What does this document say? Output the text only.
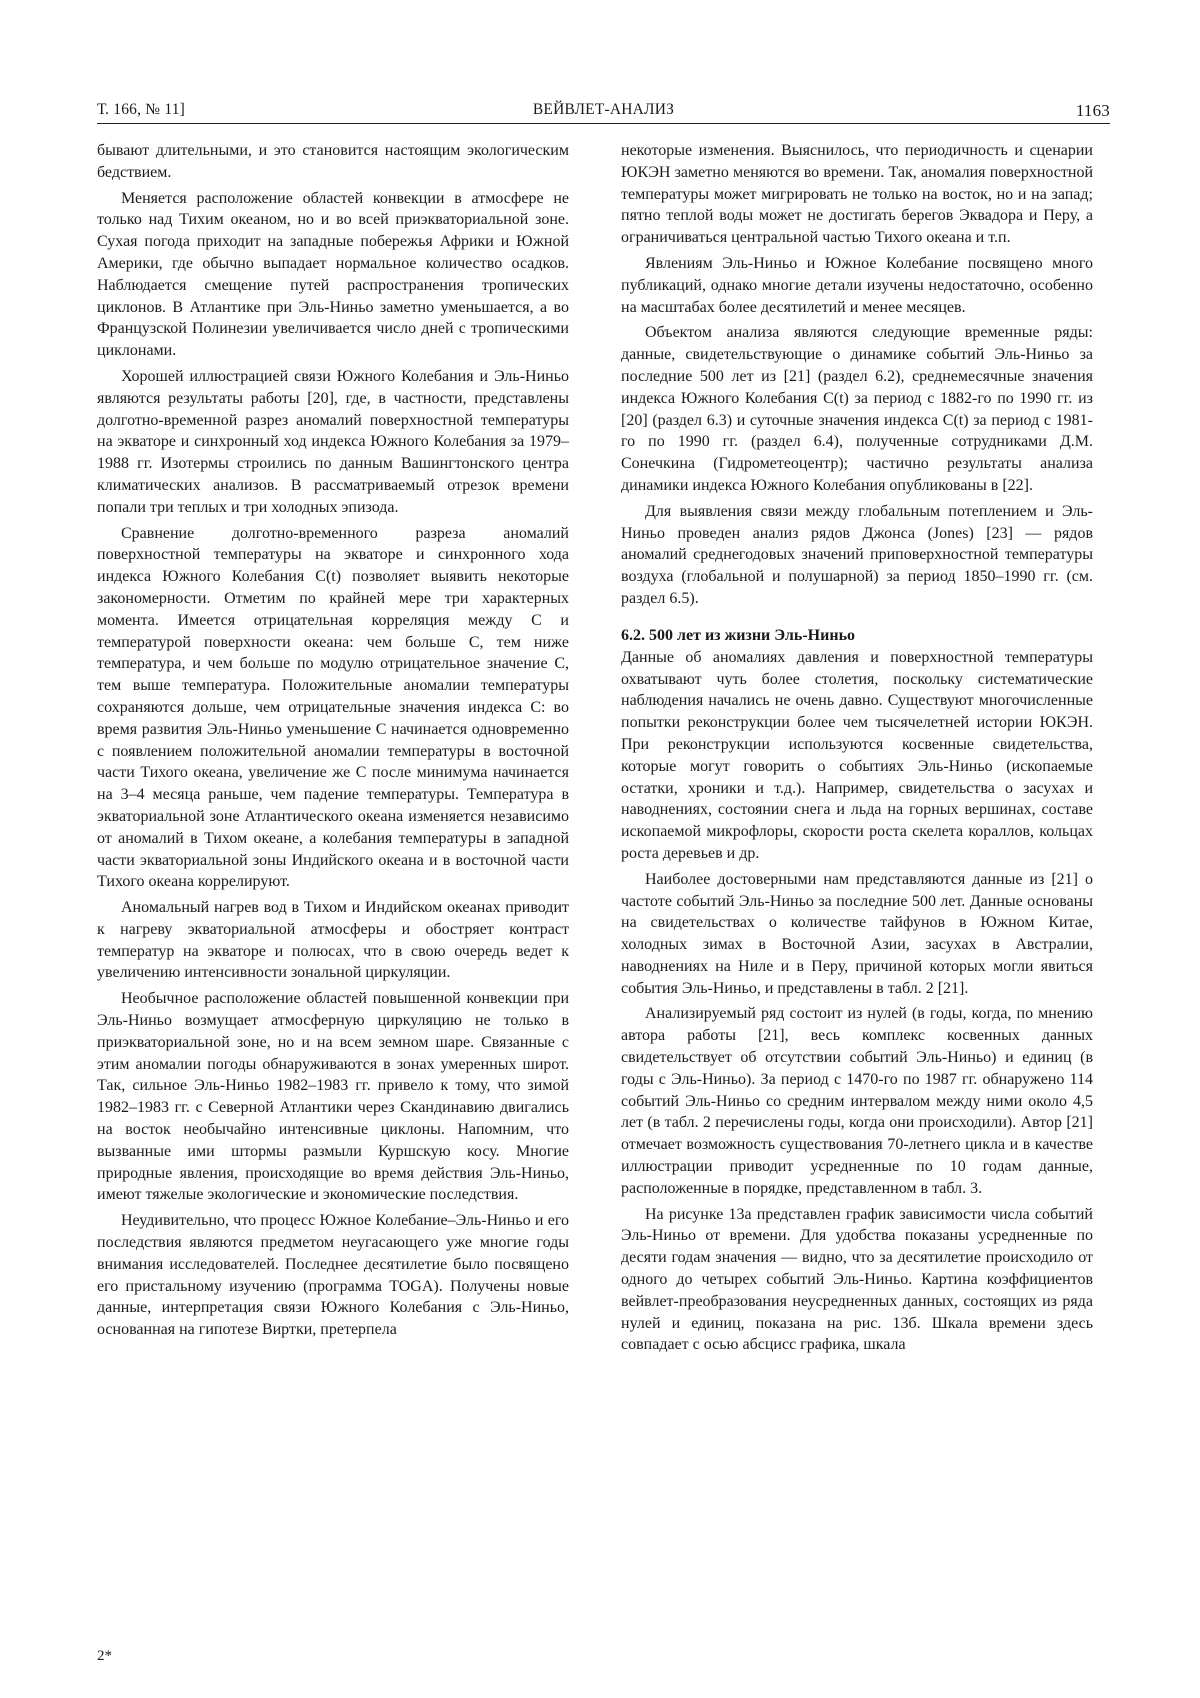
Т. 166, № 11]	ВЕЙВЛЕТ-АНАЛИЗ	1163

бывают длительными, и это становится настоящим экологическим бедствием.

Меняется расположение областей конвекции в атмосфере не только над Тихим океаном, но и во всей приэкваториальной зоне. Сухая погода приходит на западные побережья Африки и Южной Америки, где обычно выпадает нормальное количество осадков. Наблюдается смещение путей распространения тропических циклонов. В Атлантике при Эль-Ниньо заметно уменьшается, а во Французской Полинезии увеличивается число дней с тропическими циклонами.

Хорошей иллюстрацией связи Южного Колебания и Эль-Ниньо являются результаты работы [20], где, в частности, представлены долготно-временной разрез аномалий поверхностной температуры на экваторе и синхронный ход индекса Южного Колебания за 1979–1988 гг. Изотермы строились по данным Вашингтонского центра климатических анализов. В рассматриваемый отрезок времени попали три теплых и три холодных эпизода.

Сравнение долготно-временного разреза аномалий поверхностной температуры на экваторе и синхронного хода индекса Южного Колебания C(t) позволяет выявить некоторые закономерности. Отметим по крайней мере три характерных момента. Имеется отрицательная корреляция между C и температурой поверхности океана: чем больше C, тем ниже температура, и чем больше по модулю отрицательное значение C, тем выше температура. Положительные аномалии температуры сохраняются дольше, чем отрицательные значения индекса C: во время развития Эль-Ниньо уменьшение C начинается одновременно с появлением положительной аномалии температуры в восточной части Тихого океана, увеличение же C после минимума начинается на 3–4 месяца раньше, чем падение температуры. Температура в экваториальной зоне Атлантического океана изменяется независимо от аномалий в Тихом океане, а колебания температуры в западной части экваториальной зоны Индийского океана и в восточной части Тихого океана коррелируют.

Аномальный нагрев вод в Тихом и Индийском океанах приводит к нагреву экваториальной атмосферы и обостряет контраст температур на экваторе и полюсах, что в свою очередь ведет к увеличению интенсивности зональной циркуляции.

Необычное расположение областей повышенной конвекции при Эль-Ниньо возмущает атмосферную циркуляцию не только в приэкваториальной зоне, но и на всем земном шаре. Связанные с этим аномалии погоды обнаруживаются в зонах умеренных широт. Так, сильное Эль-Ниньо 1982–1983 гг. привело к тому, что зимой 1982–1983 гг. с Северной Атлантики через Скандинавию двигались на восток необычайно интенсивные циклоны. Напомним, что вызванные ими штормы размыли Куршскую косу. Многие природные явления, происходящие во время действия Эль-Ниньо, имеют тяжелые экологические и экономические последствия.

Неудивительно, что процесс Южное Колебание–Эль-Ниньо и его последствия являются предметом неугасающего уже многие годы внимания исследователей. Последнее десятилетие было посвящено его пристальному изучению (программа TOGA). Получены новые данные, интерпретация связи Южного Колебания с Эль-Ниньо, основанная на гипотезе Виртки, претерпела

некоторые изменения. Выяснилось, что периодичность и сценарии ЮКЭН заметно меняются во времени. Так, аномалия поверхностной температуры может мигрировать не только на восток, но и на запад; пятно теплой воды может не достигать берегов Эквадора и Перу, а ограничиваться центральной частью Тихого океана и т.п.

Явлениям Эль-Ниньо и Южное Колебание посвящено много публикаций, однако многие детали изучены недостаточно, особенно на масштабах более десятилетий и менее месяцев.

Объектом анализа являются следующие временные ряды: данные, свидетельствующие о динамике событий Эль-Ниньо за последние 500 лет из [21] (раздел 6.2), среднемесячные значения индекса Южного Колебания C(t) за период с 1882-го по 1990 гг. из [20] (раздел 6.3) и суточные значения индекса C(t) за период с 1981-го по 1990 гг. (раздел 6.4), полученные сотрудниками Д.М. Сонечкина (Гидрометеоцентр); частично результаты анализа динамики индекса Южного Колебания опубликованы в [22].

Для выявления связи между глобальным потеплением и Эль-Ниньо проведен анализ рядов Джонса (Jones) [23] — рядов аномалий среднегодовых значений приповерхностной температуры воздуха (глобальной и полушарной) за период 1850–1990 гг. (см. раздел 6.5).

6.2. 500 лет из жизни Эль-Ниньо

Данные об аномалиях давления и поверхностной температуры охватывают чуть более столетия, поскольку систематические наблюдения начались не очень давно. Существуют многочисленные попытки реконструкции более чем тысячелетней истории ЮКЭН. При реконструкции используются косвенные свидетельства, которые могут говорить о событиях Эль-Ниньо (ископаемые остатки, хроники и т.д.). Например, свидетельства о засухах и наводнениях, состоянии снега и льда на горных вершинах, составе ископаемой микрофлоры, скорости роста скелета кораллов, кольцах роста деревьев и др.

Наиболее достоверными нам представляются данные из [21] о частоте событий Эль-Ниньо за последние 500 лет. Данные основаны на свидетельствах о количестве тайфунов в Южном Китае, холодных зимах в Восточной Азии, засухах в Австралии, наводнениях на Ниле и в Перу, причиной которых могли явиться события Эль-Ниньо, и представлены в табл. 2 [21].

Анализируемый ряд состоит из нулей (в годы, когда, по мнению автора работы [21], весь комплекс косвенных данных свидетельствует об отсутствии событий Эль-Ниньо) и единиц (в годы с Эль-Ниньо). За период с 1470-го по 1987 гг. обнаружено 114 событий Эль-Ниньо со средним интервалом между ними около 4,5 лет (в табл. 2 перечислены годы, когда они происходили). Автор [21] отмечает возможность существования 70-летнего цикла и в качестве иллюстрации приводит усредненные по 10 годам данные, расположенные в порядке, представленном в табл. 3.

На рисунке 13а представлен график зависимости числа событий Эль-Ниньо от времени. Для удобства показаны усредненные по десяти годам значения — видно, что за десятилетие происходило от одного до четырех событий Эль-Ниньо. Картина коэффициентов вейвлет-преобразования неусредненных данных, состоящих из ряда нулей и единиц, показана на рис. 13б. Шкала времени здесь совпадает с осью абсцисс графика, шкала

2*
